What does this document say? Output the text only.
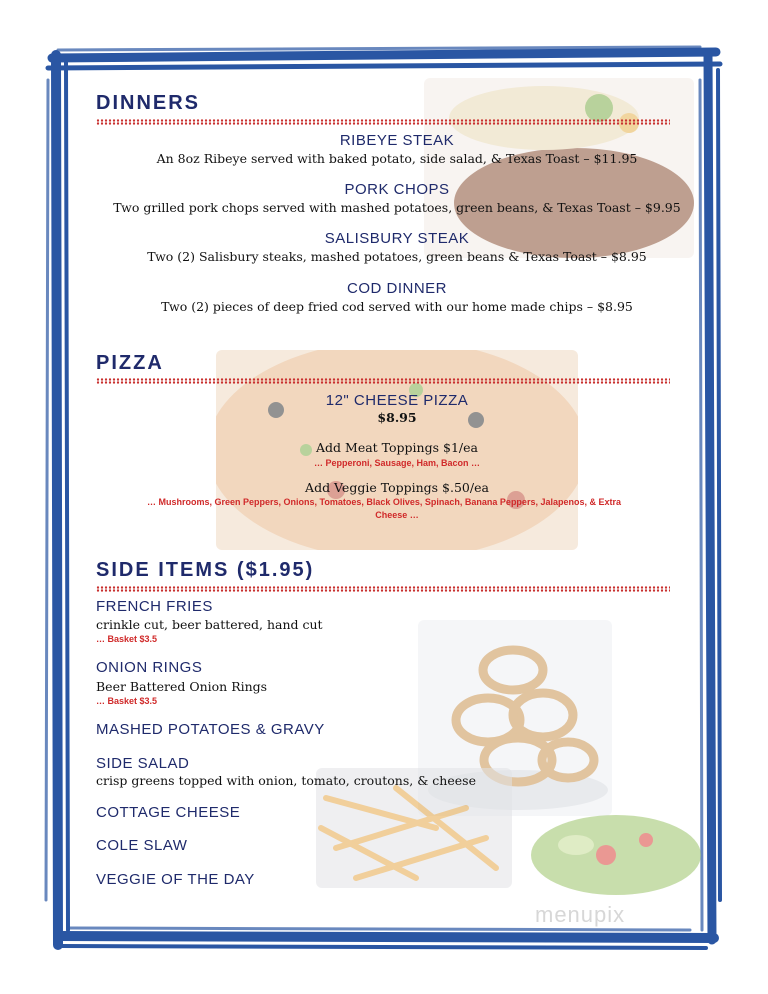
DINNERS
RIBEYE STEAK
An 8oz Ribeye served with baked potato, side salad, & Texas Toast – $11.95
PORK CHOPS
Two grilled pork chops served with mashed potatoes, green beans, & Texas Toast – $9.95
SALISBURY STEAK
Two (2) Salisbury steaks, mashed potatoes, green beans & Texas Toast – $8.95
COD DINNER
Two (2) pieces of deep fried cod served with our home made chips – $8.95
PIZZA
12" CHEESE PIZZA
$8.95
Add Meat Toppings $1/ea
… Pepperoni, Sausage, Ham, Bacon …
Add Veggie Toppings $.50/ea
… Mushrooms, Green Peppers, Onions, Tomatoes, Black Olives, Spinach, Banana Peppers, Jalapenos, & Extra
Cheese …
SIDE ITEMS ($1.95)
FRENCH FRIES
crinkle cut, beer battered, hand cut
… Basket $3.5
ONION RINGS
Beer Battered Onion Rings
… Basket $3.5
MASHED POTATOES & GRAVY
SIDE SALAD
crisp greens topped with onion, tomato, croutons, & cheese
COTTAGE CHEESE
COLE SLAW
VEGGIE OF THE DAY
menupix
